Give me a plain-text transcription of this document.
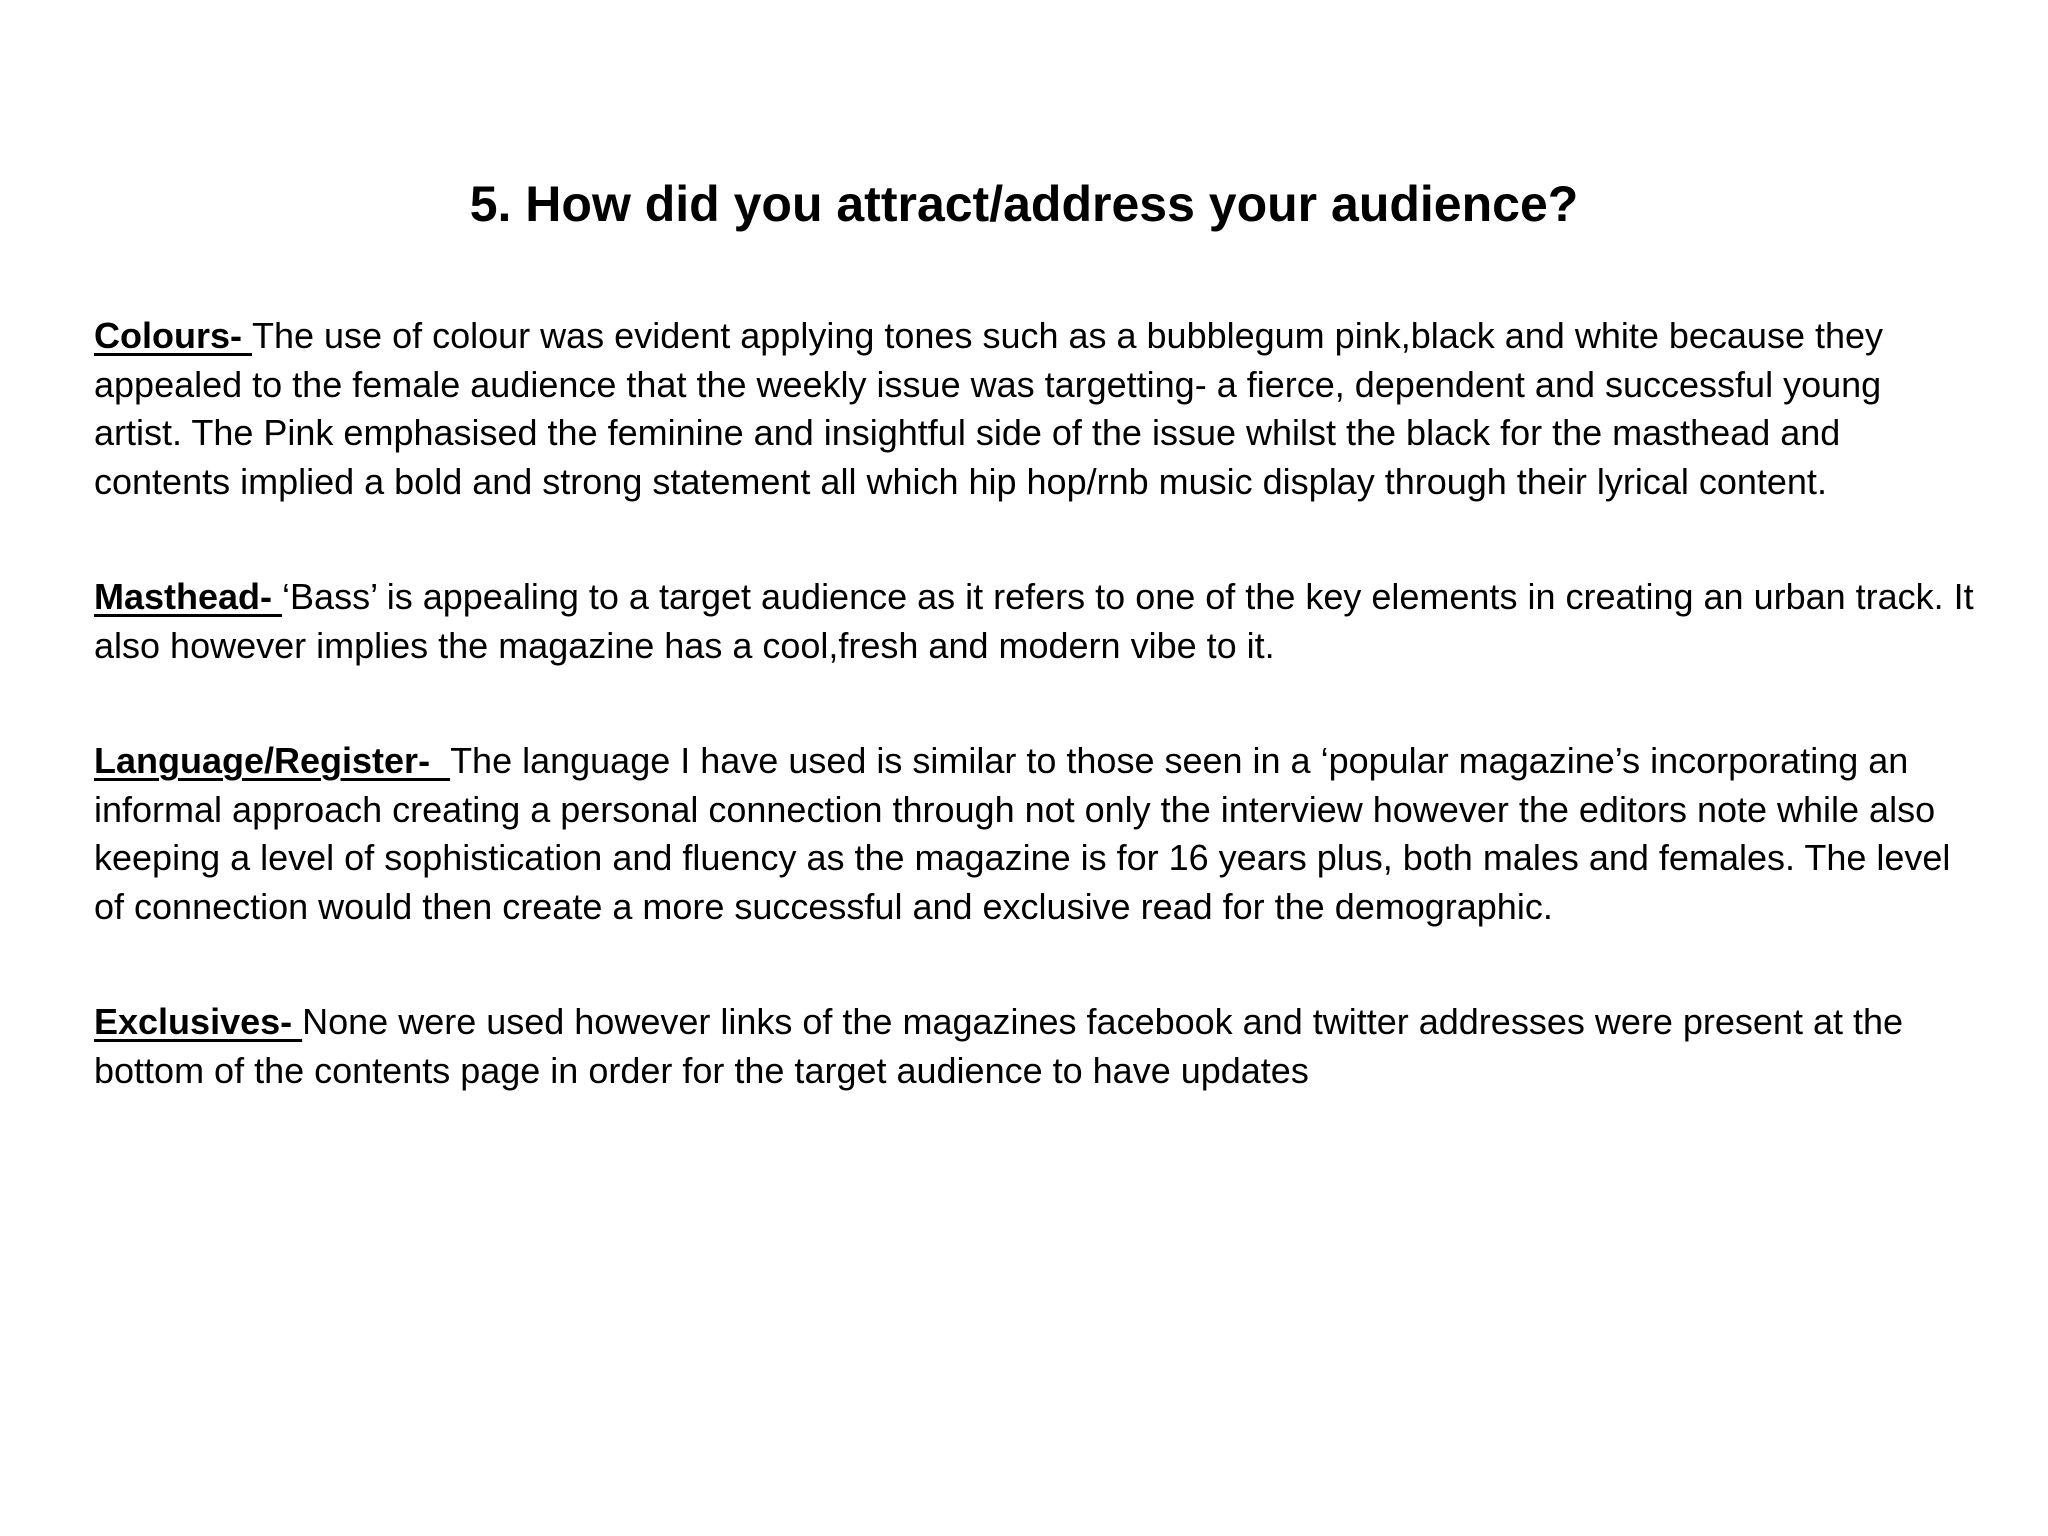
5. How did you attract/address your audience?

Colours- The use of colour was evident applying tones such as a bubblegum pink,black and white because they appealed to the female audience that the weekly issue was targetting- a fierce, dependent and successful young artist. The Pink emphasised the feminine and insightful side of the issue whilst the black for the masthead and contents implied a bold and strong statement all which hip hop/rnb music display through their lyrical content.

Masthead- ‘Bass’ is appealing to a target audience as it refers to one of the key elements in creating an urban track. It also however implies the magazine has a cool,fresh and modern vibe to it.

Language/Register-  The language I have used is similar to those seen in a ‘popular magazine’s incorporating an informal approach creating a personal connection through not only the interview however the editors note while also keeping a level of sophistication and fluency as the magazine is for 16 years plus, both males and females. The level of connection would then create a more successful and exclusive read for the demographic.

Exclusives- None were used however links of the magazines facebook and twitter addresses were present at the bottom of the contents page in order for the target audience to have updates
